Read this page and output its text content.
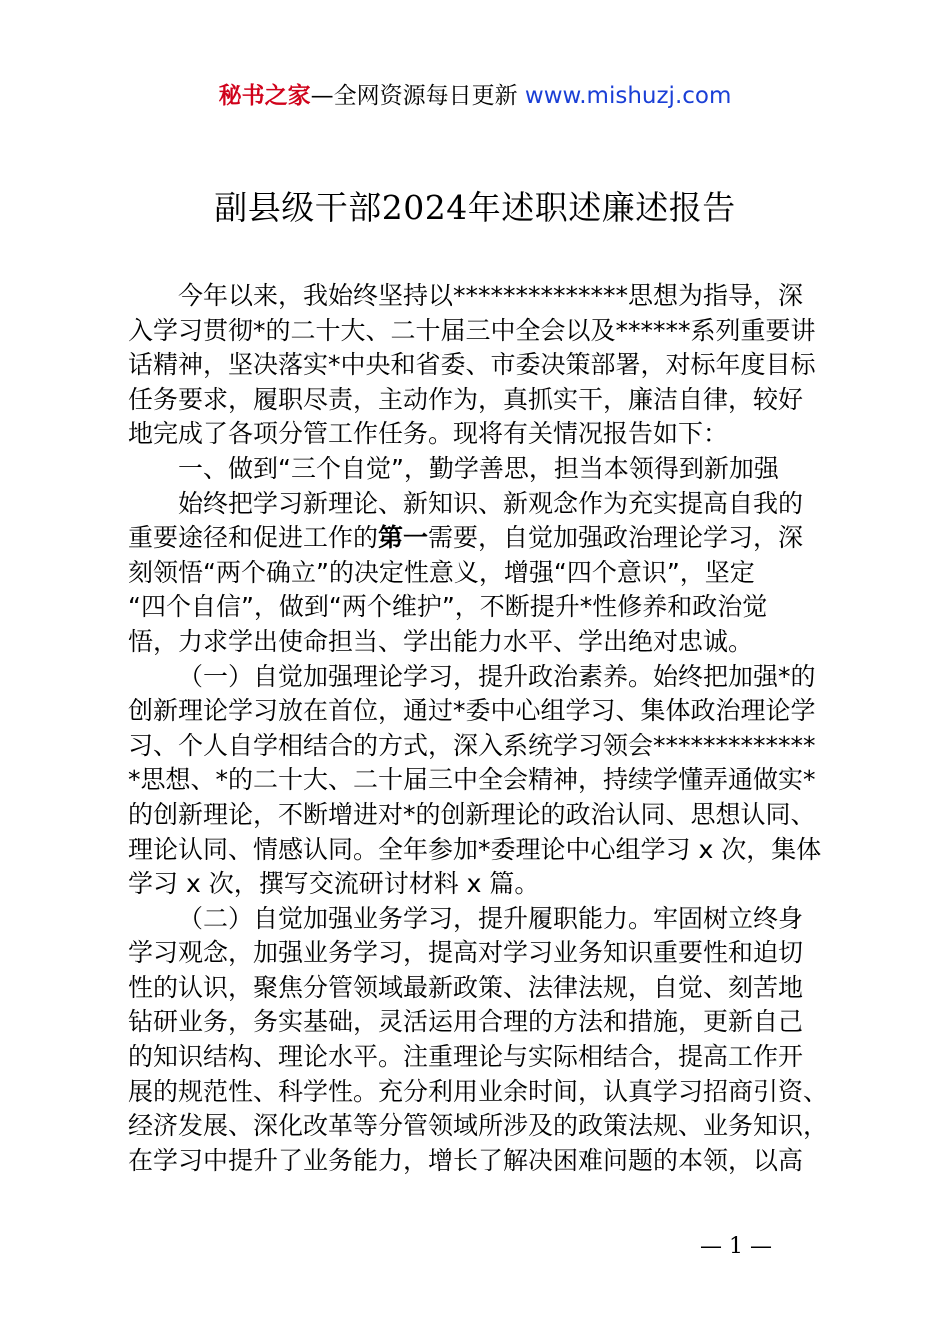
秘书之家—全网资源每日更新 www.mishuzj.com
副县级干部2024年述职述廉述报告
今年以来，我始终坚持以**************思想为指导，深
入学习贯彻*的二十大、二十届三中全会以及******系列重要讲
话精神，坚决落实*中央和省委、市委决策部署，对标年度目标
任务要求，履职尽责，主动作为，真抓实干，廉洁自律，较好
地完成了各项分管工作任务。现将有关情况报告如下：
一、做到“三个自觉”，勤学善思，担当本领得到新加强
始终把学习新理论、新知识、新观念作为充实提高自我的
重要途径和促进工作的第一需要，自觉加强政治理论学习，深
刻领悟“两个确立”的决定性意义，增强“四个意识”，坚定
“四个自信”，做到“两个维护”，不断提升*性修养和政治觉
悟，力求学出使命担当、学出能力水平、学出绝对忠诚。
（一）自觉加强理论学习，提升政治素养。始终把加强*的
创新理论学习放在首位，通过*委中心组学习、集体政治理论学
习、个人自学相结合的方式，深入系统学习领会*************
*思想、*的二十大、二十届三中全会精神，持续学懂弄通做实*
的创新理论，不断增进对*的创新理论的政治认同、思想认同、
理论认同、情感认同。全年参加*委理论中心组学习 x 次，集体
学习 x 次，撰写交流研讨材料 x 篇。
（二）自觉加强业务学习，提升履职能力。牢固树立终身
学习观念，加强业务学习，提高对学习业务知识重要性和迫切
性的认识，聚焦分管领域最新政策、法律法规，自觉、刻苦地
钻研业务，务实基础，灵活运用合理的方法和措施，更新自己
的知识结构、理论水平。注重理论与实际相结合，提高工作开
展的规范性、科学性。充分利用业余时间，认真学习招商引资、
经济发展、深化改革等分管领域所涉及的政策法规、业务知识，
在学习中提升了业务能力，增长了解决困难问题的本领，以高
— 1 —
